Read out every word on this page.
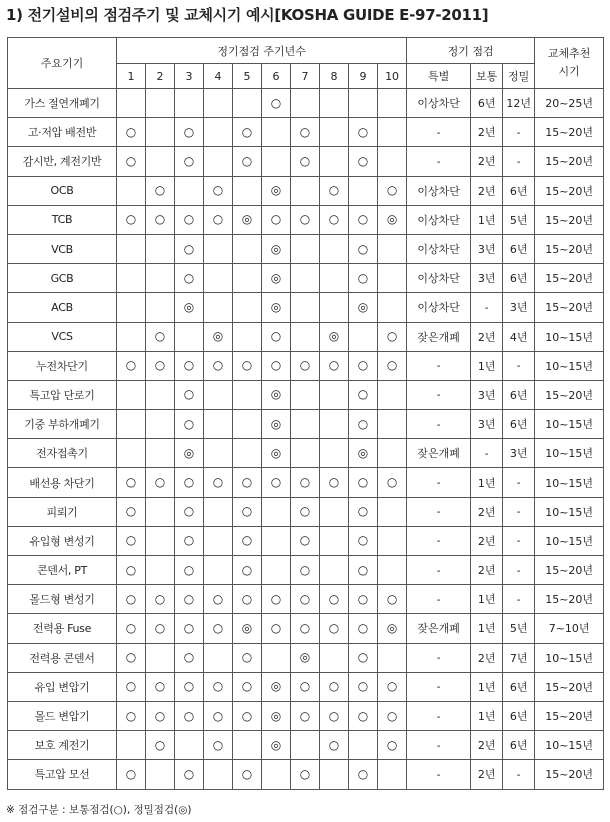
1) 전기설비의 점검주기 및 교체시기 예시[KOSHA GUIDE E-97-2011]
주요기기	정기점검 주기년수										정기 점검			교체추천
시기
	1	2	3	4	5	6	7	8	9	10	특별	보통	정밀	
가스 절연개폐기						○					이상차단	6년	12년	20~25년
고·저압 배전반	○		○		○		○		○		-	2년	-	15~20년
감시반, 계전기반	○		○		○		○		○		-	2년	-	15~20년
OCB		○		○		◎		○		○	이상차단	2년	6년	15~20년
TCB	○	○	○	○	◎	○	○	○	○	◎	이상차단	1년	5년	15~20년
VCB			○			◎			○		이상차단	3년	6년	15~20년
GCB			○			◎			○		이상차단	3년	6년	15~20년
ACB			◎			◎			◎		이상차단	-	3년	15~20년
VCS		○		◎		○		◎		○	잦은개폐	2년	4년	10~15년
누전차단기	○	○	○	○	○	○	○	○	○	○	-	1년	-	10~15년
특고압 단로기			○			◎			○		-	3년	6년	15~20년
기중 부하개폐기			○			◎			○		-	3년	6년	10~15년
전자접촉기			◎			◎			◎		잦은개폐	-	3년	10~15년
배선용 차단기	○	○	○	○	○	○	○	○	○	○	-	1년	-	10~15년
피뢰기	○		○		○		○		○		-	2년	-	10~15년
유입형 변성기	○		○		○		○		○		-	2년	-	10~15년
콘덴서, PT	○		○		○		○		○		-	2년	-	15~20년
몰드형 변성기	○	○	○	○	○	○	○	○	○	○	-	1년	-	15~20년
전력용 Fuse	○	○	○	○	◎	○	○	○	○	◎	잦은개폐	1년	5년	7~10년
전력용 콘덴서	○		○		○		◎		○		-	2년	7년	10~15년
유입 변압기	○	○	○	○	○	◎	○	○	○	○	-	1년	6년	15~20년
몰드 변압기	○	○	○	○	○	◎	○	○	○	○	-	1년	6년	15~20년
보호 계전기		○		○		◎		○		○	-	2년	6년	10~15년
특고압 모선	○		○		○		○		○		-	2년	-	15~20년
※ 점검구분 : 보통점검(○), 정밀점검(◎)
